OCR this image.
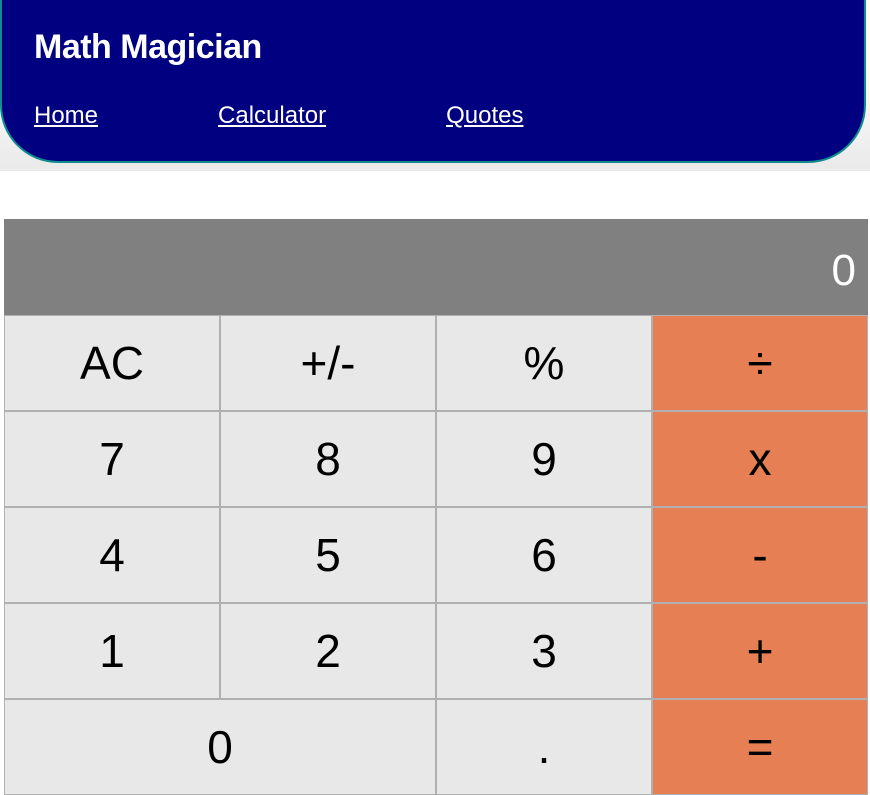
Math Magician
Home	Calculator	Quotes
0
AC	+/-	%	÷
7	8	9	x
4	5	6	-
1	2	3	+
0	.	=
